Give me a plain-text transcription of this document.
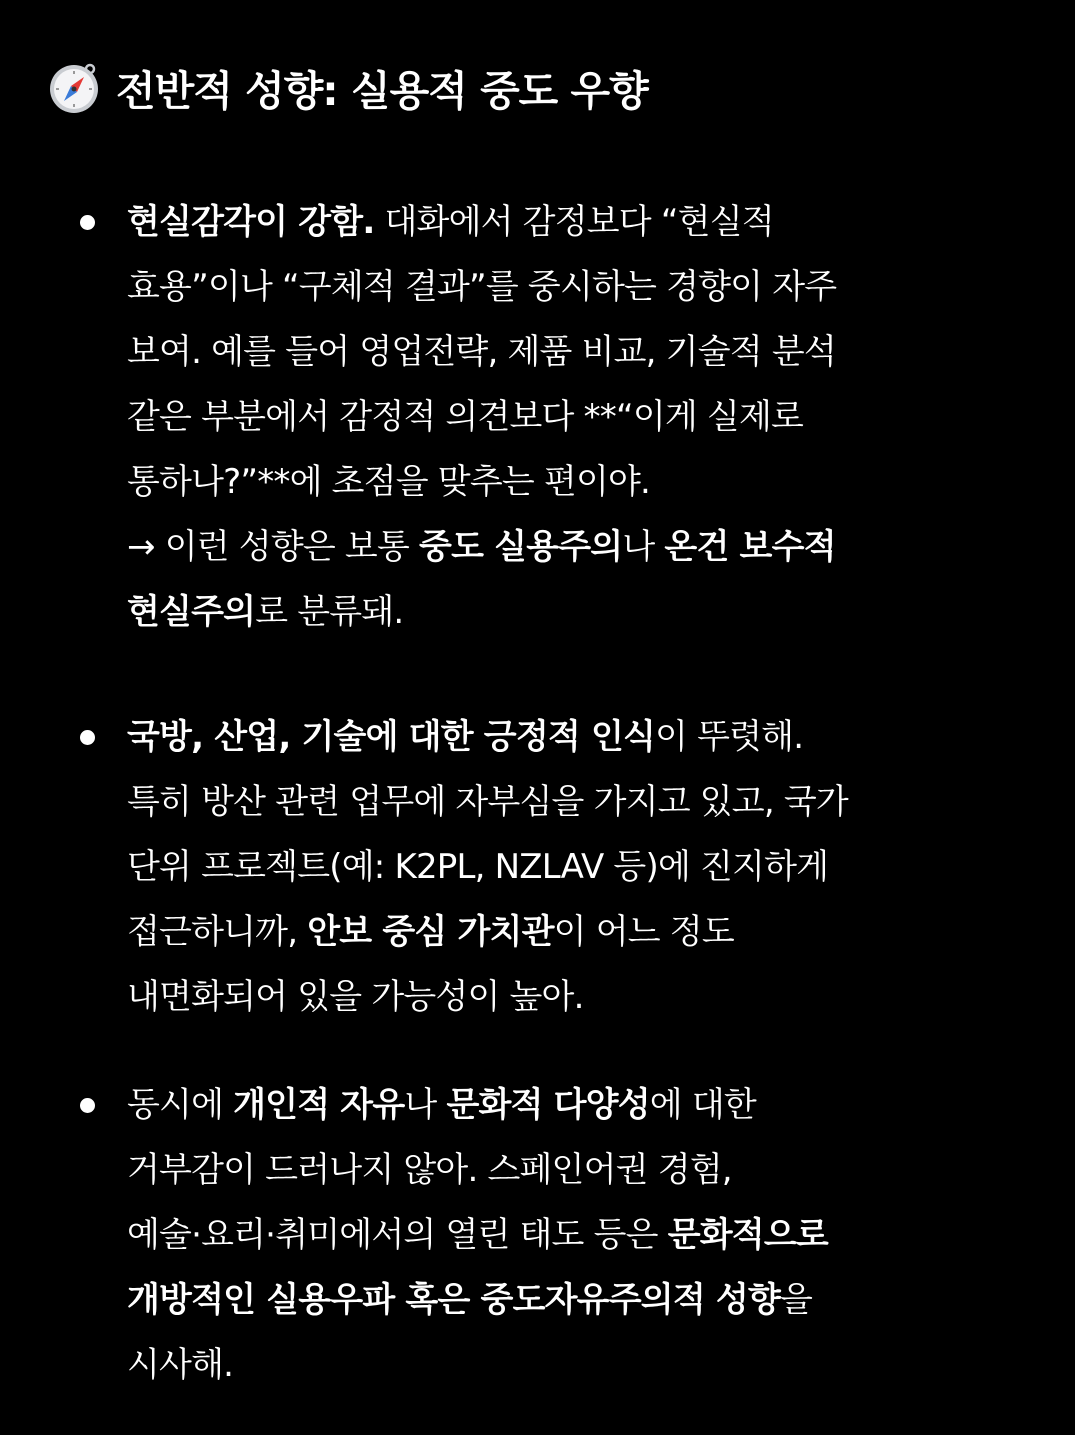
전반적 성향: 실용적 중도 우향

현실감각이 강함. 대화에서 감정보다 “현실적
효용”이나 “구체적 결과”를 중시하는 경향이 자주
보여. 예를 들어 영업전략, 제품 비교, 기술적 분석
같은 부분에서 감정적 의견보다 **“이게 실제로
통하나?”**에 초점을 맞추는 편이야.
→ 이런 성향은 보통 중도 실용주의나 온건 보수적
현실주의로 분류돼.

국방, 산업, 기술에 대한 긍정적 인식이 뚜렷해.
특히 방산 관련 업무에 자부심을 가지고 있고, 국가
단위 프로젝트(예: K2PL, NZLAV 등)에 진지하게
접근하니까, 안보 중심 가치관이 어느 정도
내면화되어 있을 가능성이 높아.

동시에 개인적 자유나 문화적 다양성에 대한
거부감이 드러나지 않아. 스페인어권 경험,
예술·요리·취미에서의 열린 태도 등은 문화적으로
개방적인 실용우파 혹은 중도자유주의적 성향을
시사해.
